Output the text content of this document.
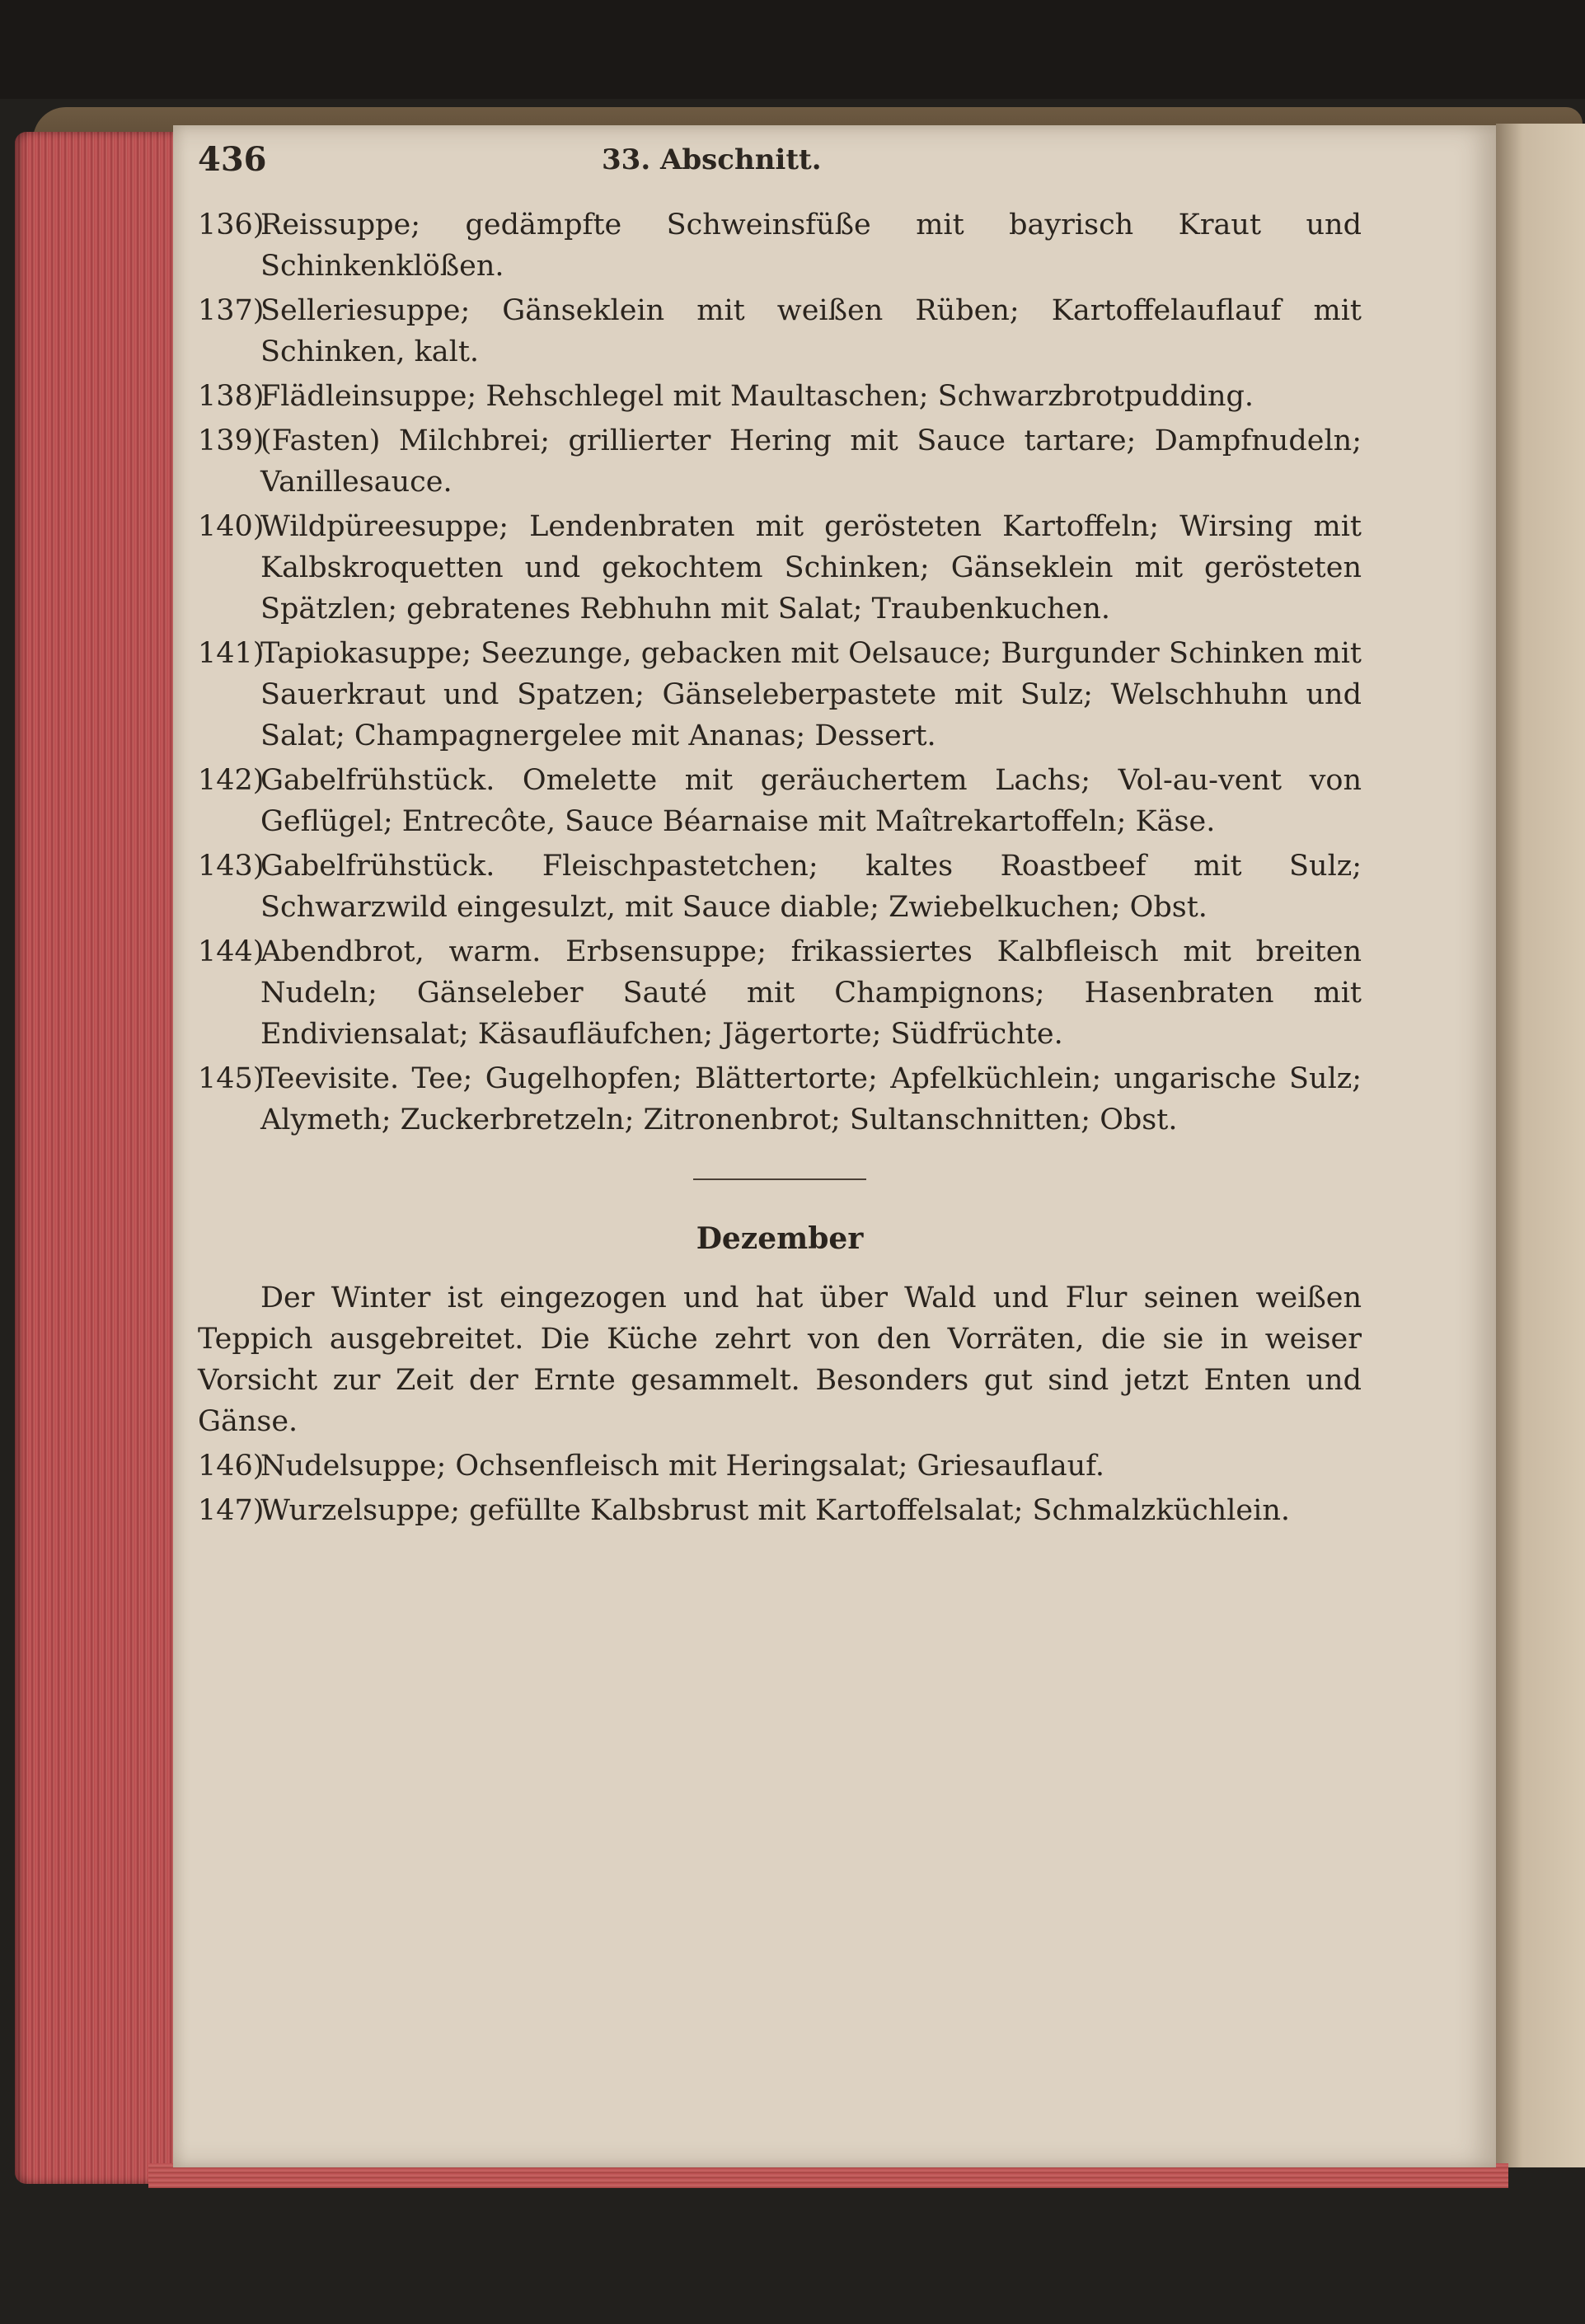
436	33. Abschnitt.

136)
Reissuppe; gedämpfte Schweinsfüße mit bayrisch Kraut und Schinkenklößen.

137)
Selleriesuppe; Gänseklein mit weißen Rüben; Kartoffelauflauf mit Schinken, kalt.

138)
Flädleinsuppe; Rehschlegel mit Maultaschen; Schwarzbrotpudding.

139)
(Fasten) Milchbrei; grillierter Hering mit Sauce tartare; Dampfnudeln; Vanillesauce.

140)
Wildpüreesuppe; Lendenbraten mit gerösteten Kartoffeln; Wirsing mit Kalbskroquetten und gekochtem Schinken; Gänseklein mit gerösteten Spätzlen; gebratenes Rebhuhn mit Salat; Traubenkuchen.

141)
Tapiokasuppe; Seezunge, gebacken mit Oelsauce; Burgunder Schinken mit Sauerkraut und Spatzen; Gänseleberpastete mit Sulz; Welschhuhn und Salat; Champagnergelee mit Ananas; Dessert.

142)
Gabelfrühstück. Omelette mit geräuchertem Lachs; Vol-au-vent von Geflügel; Entrecôte, Sauce Béarnaise mit Maîtrekartoffeln; Käse.

143)
Gabelfrühstück. Fleischpastetchen; kaltes Roastbeef mit Sulz; Schwarzwild eingesulzt, mit Sauce diable; Zwiebelkuchen; Obst.

144)
Abendbrot, warm. Erbsensuppe; frikassiertes Kalbfleisch mit breiten Nudeln; Gänseleber Sauté mit Champignons; Hasenbraten mit Endiviensalat; Käsaufläufchen; Jägertorte; Südfrüchte.

145)
Teevisite. Tee; Gugelhopfen; Blättertorte; Apfelküchlein; ungarische Sulz; Alymeth; Zuckerbretzeln; Zitronenbrot; Sultanschnitten; Obst.

Dezember

Der Winter ist eingezogen und hat über Wald und Flur seinen weißen Teppich ausgebreitet. Die Küche zehrt von den Vorräten, die sie in weiser Vorsicht zur Zeit der Ernte gesammelt. Besonders gut sind jetzt Enten und Gänse.

146)
Nudelsuppe; Ochsenfleisch mit Heringsalat; Griesauflauf.

147)
Wurzelsuppe; gefüllte Kalbsbrust mit Kartoffelsalat; Schmalzküchlein.
